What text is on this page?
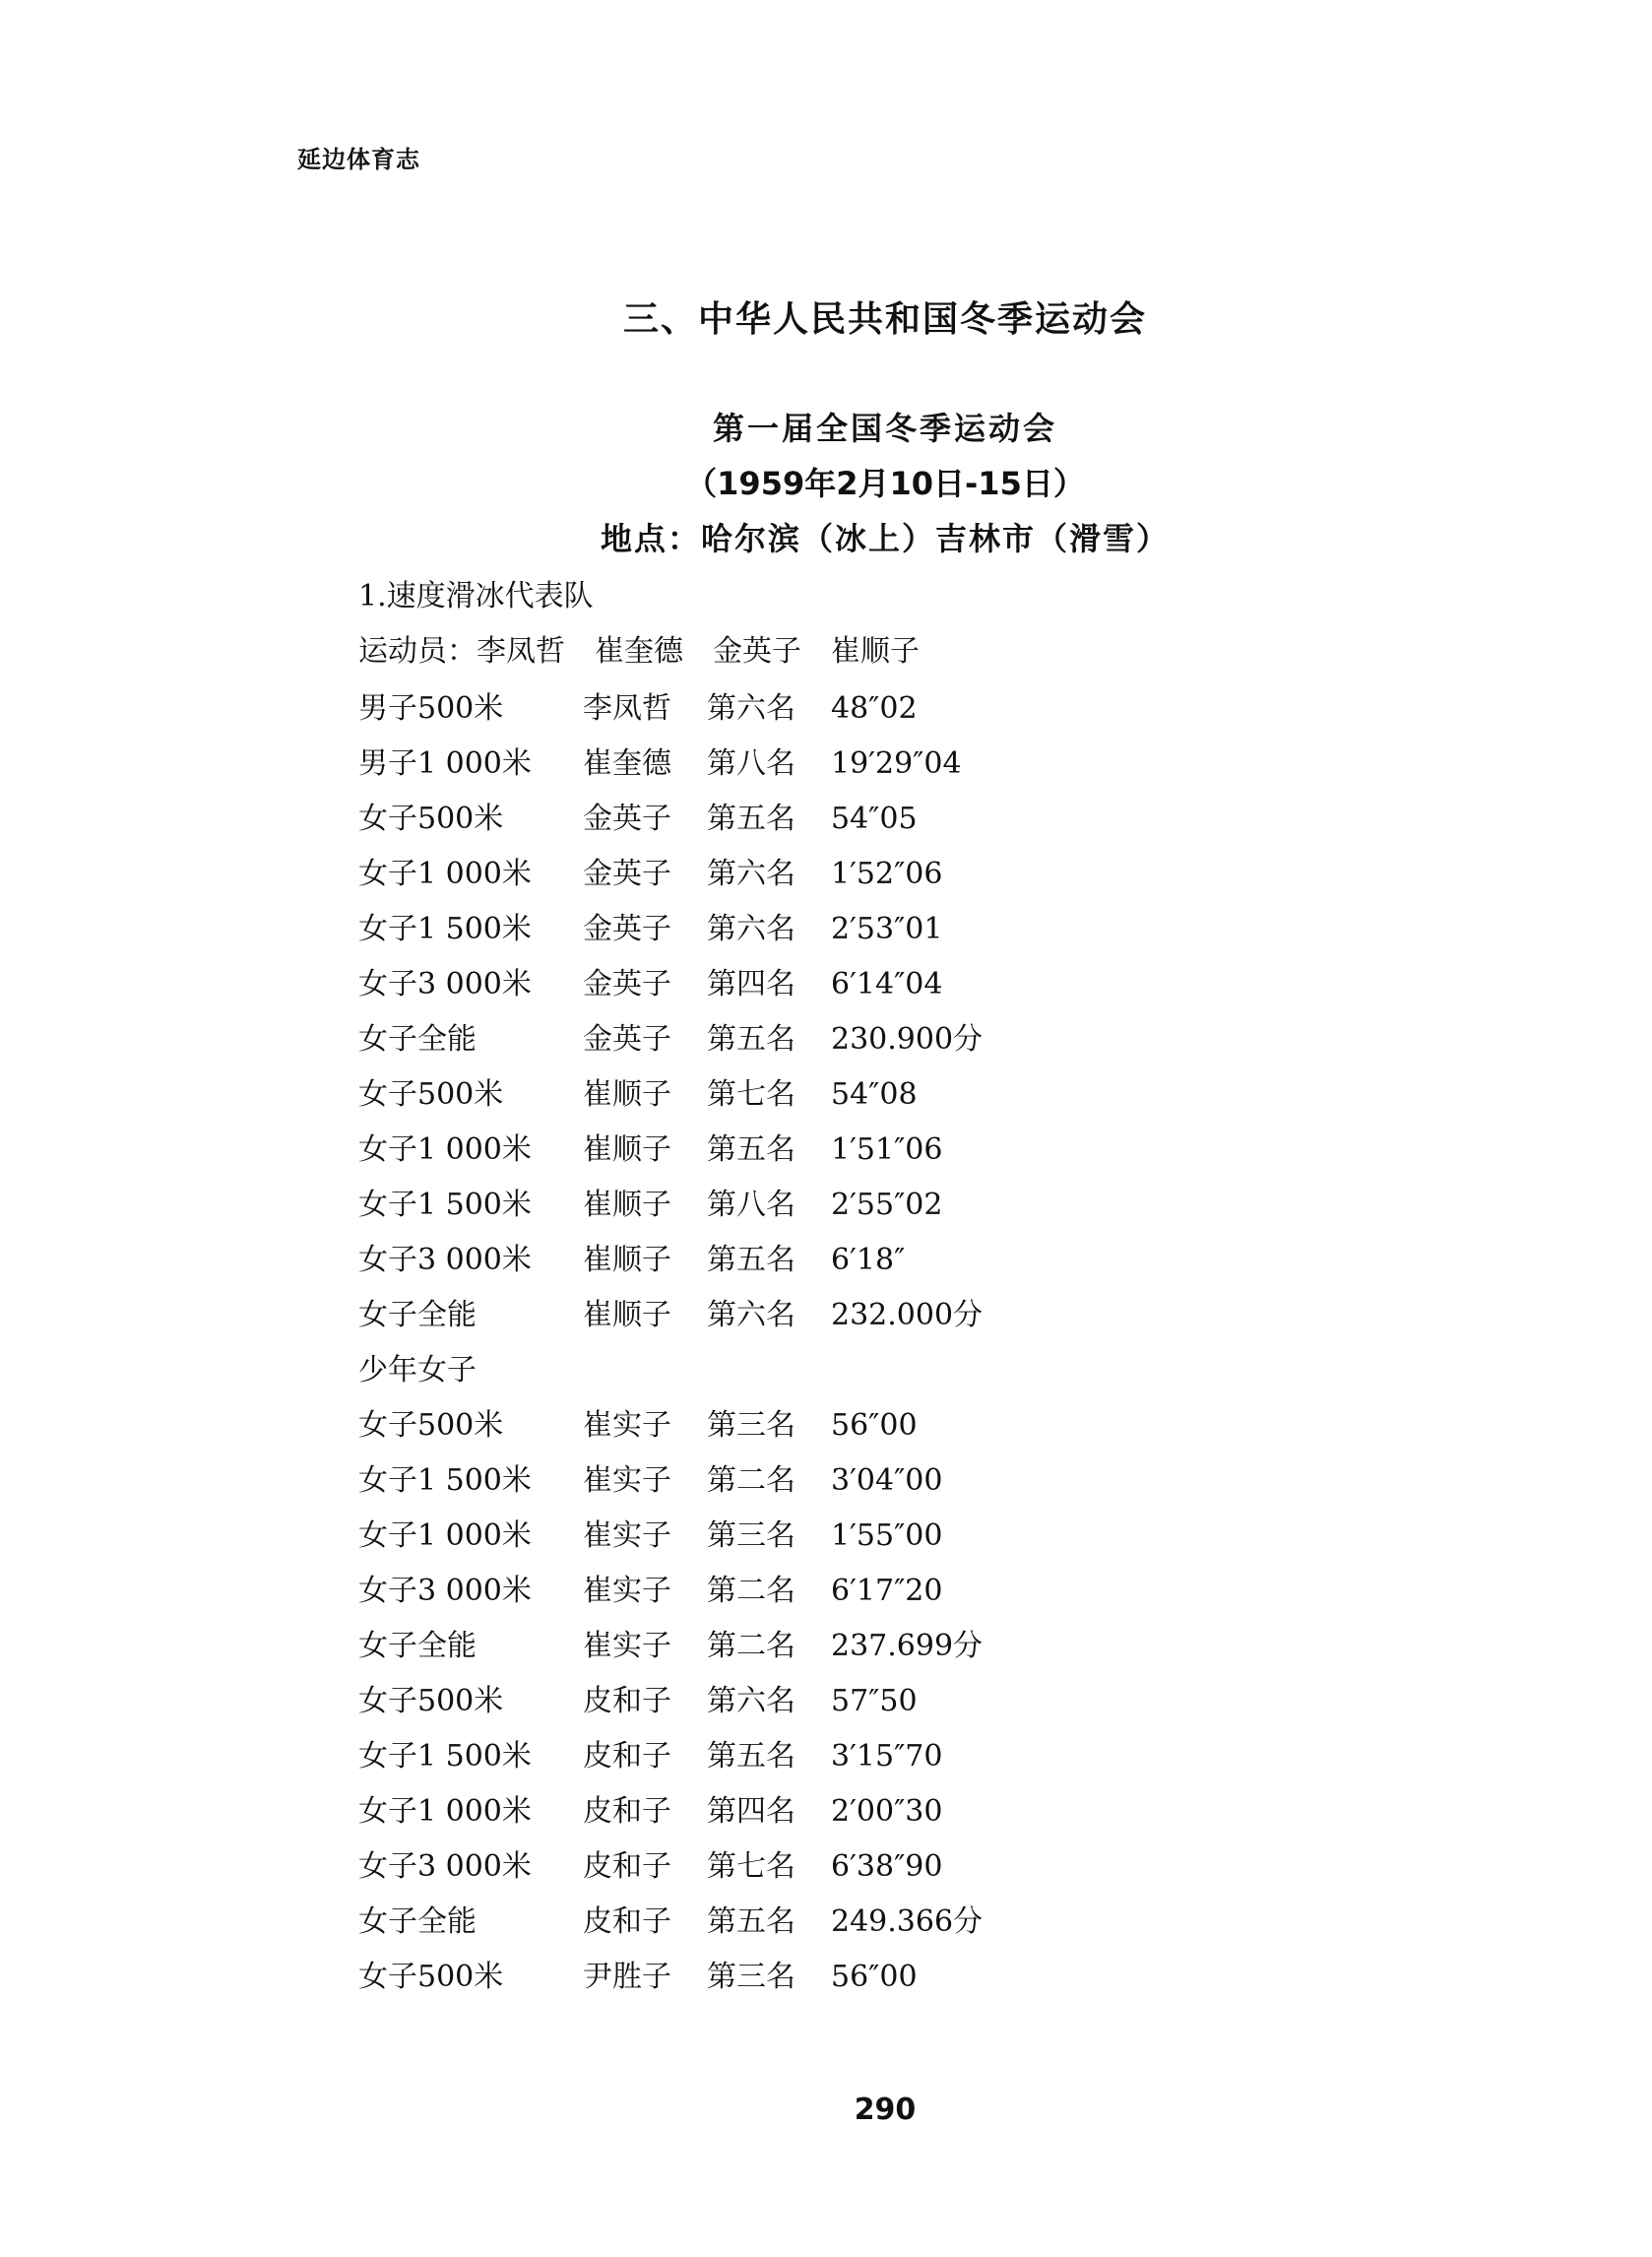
延边体育志
三、中华人民共和国冬季运动会
第一届全国冬季运动会
（1959年2月10日-15日）
地点：哈尔滨（冰上）吉林市（滑雪）
1.速度滑冰代表队
运动员：李凤哲　崔奎德　金英子　崔顺子
男子500米	李凤哲 第六名 48″02
男子1 000米 崔奎德 第八名 19′29″04
女子500米	金英子 第五名 54″05
女子1 000米 金英子 第六名 1′52″06
女子1 500米 金英子 第六名 2′53″01
女子3 000米 金英子 第四名 6′14″04
女子全能	金英子 第五名 230.900分
女子500米	崔顺子 第七名 54″08
女子1 000米 崔顺子 第五名 1′51″06
女子1 500米 崔顺子 第八名 2′55″02
女子3 000米 崔顺子 第五名 6′18″
女子全能	崔顺子 第六名 232.000分
少年女子
女子500米	崔实子 第三名 56″00
女子1 500米 崔实子 第二名 3′04″00
女子1 000米 崔实子 第三名 1′55″00
女子3 000米 崔实子 第二名 6′17″20
女子全能	崔实子 第二名 237.699分
女子500米	皮和子 第六名 57″50
女子1 500米 皮和子 第五名 3′15″70
女子1 000米 皮和子 第四名 2′00″30
女子3 000米 皮和子 第七名 6′38″90
女子全能	皮和子 第五名 249.366分
女子500米	尹胜子 第三名 56″00
290
